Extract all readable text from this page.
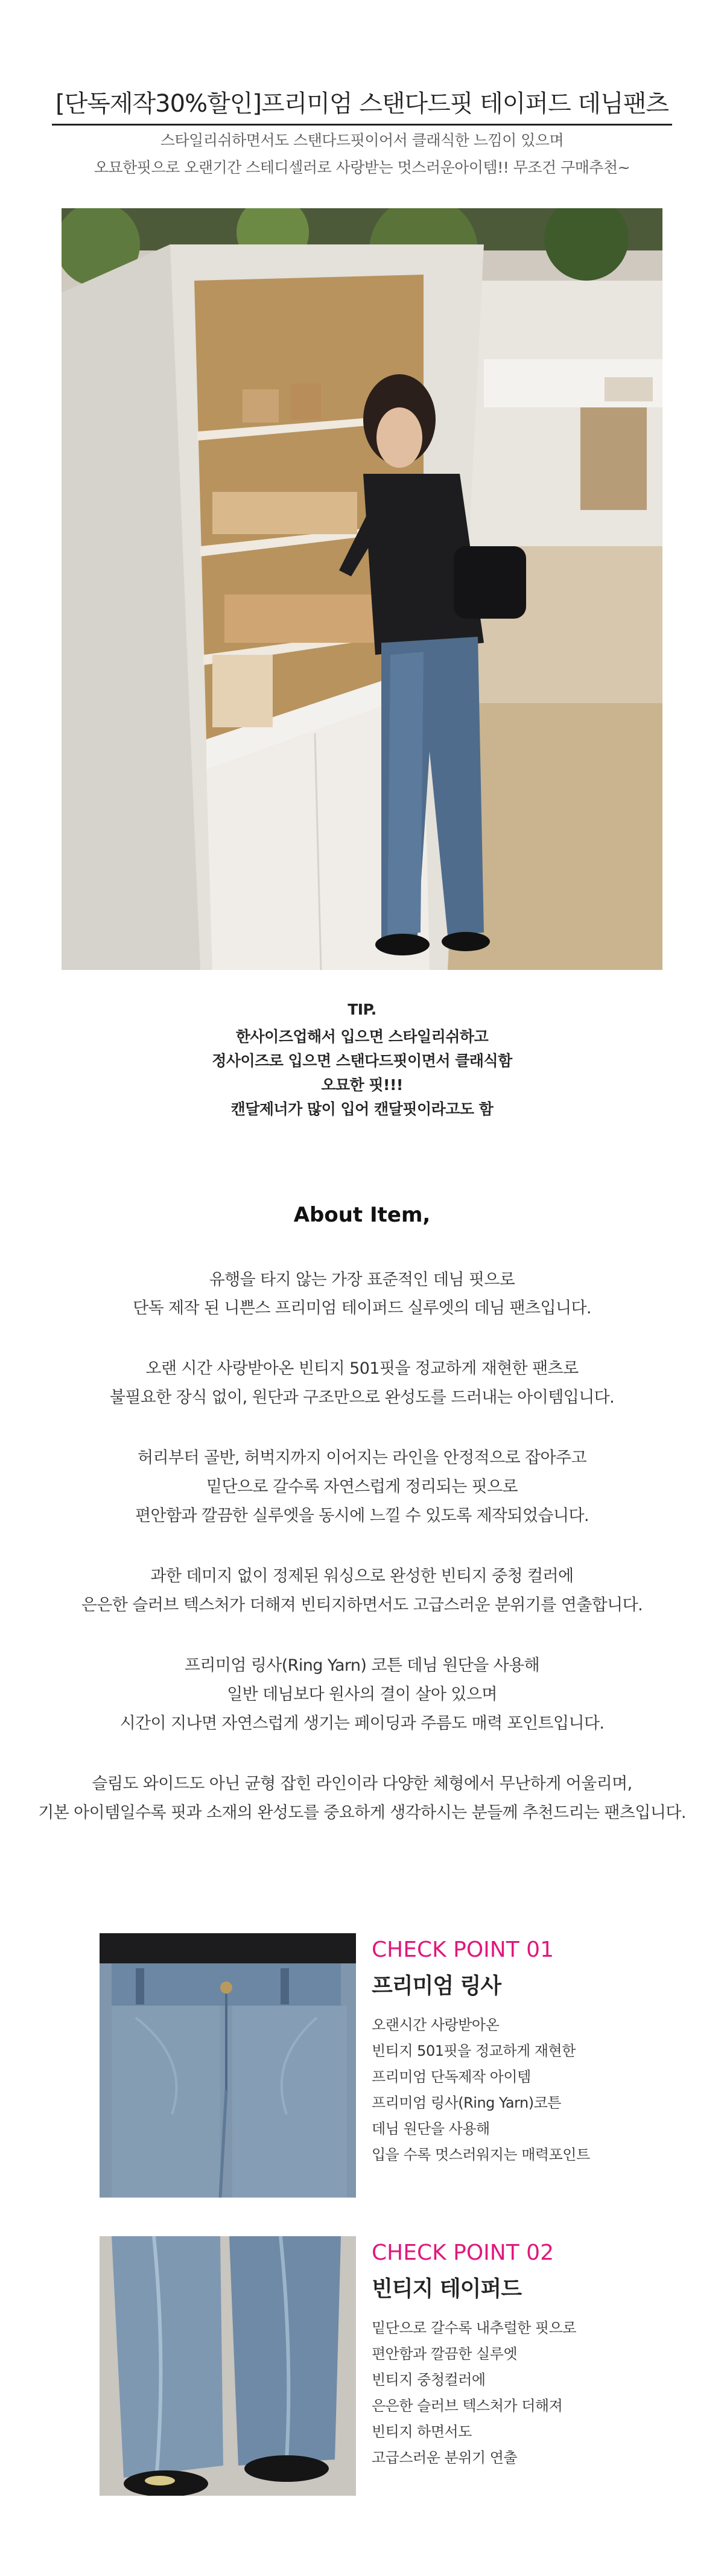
[단독제작30%할인]프리미엄 스탠다드핏 테이퍼드 데님팬츠
스타일리쉬하면서도 스탠다드핏이어서 클래식한 느낌이 있으며
오묘한핏으로 오랜기간 스테디셀러로 사랑받는 멋스러운아이템!! 무조건 구매추천~
TIP.
한사이즈업해서 입으면 스타일리쉬하고
정사이즈로 입으면 스탠다드핏이면서 클래식함
오묘한 핏!!!
캔달제너가 많이 입어 캔달핏이라고도 함
About Item,
유행을 타지 않는 가장 표준적인 데님 핏으로
단독 제작 된 니쁜스 프리미엄 테이퍼드 실루엣의 데님 팬츠입니다.
오랜 시간 사랑받아온 빈티지 501핏을 정교하게 재현한 팬츠로
불필요한 장식 없이, 원단과 구조만으로 완성도를 드러내는 아이템입니다.
허리부터 골반, 허벅지까지 이어지는 라인을 안정적으로 잡아주고
밑단으로 갈수록 자연스럽게 정리되는 핏으로
편안함과 깔끔한 실루엣을 동시에 느낄 수 있도록 제작되었습니다.
과한 데미지 없이 정제된 워싱으로 완성한 빈티지 중청 컬러에
은은한 슬러브 텍스처가 더해져 빈티지하면서도 고급스러운 분위기를 연출합니다.
프리미엄 링사(Ring Yarn) 코튼 데님 원단을 사용해
일반 데님보다 원사의 결이 살아 있으며
시간이 지나면 자연스럽게 생기는 페이딩과 주름도 매력 포인트입니다.
슬림도 와이드도 아닌 균형 잡힌 라인이라 다양한 체형에서 무난하게 어울리며,
기본 아이템일수록 핏과 소재의 완성도를 중요하게 생각하시는 분들께 추천드리는 팬츠입니다.
CHECK POINT 01
프리미엄 링사
오랜시간 사랑받아온
빈티지 501핏을 정교하게 재현한
프리미엄 단독제작 아이템
프리미엄 링사(Ring Yarn)코튼
데님 원단을 사용해
입을 수록 멋스러워지는 매력포인트
CHECK POINT 02
빈티지 테이퍼드
밑단으로 갈수록 내추럴한 핏으로
편안함과 깔끔한 실루엣
빈티지 중청컬러에
은은한 슬러브 텍스처가 더해져
빈티지 하면서도
고급스러운 분위기 연출
